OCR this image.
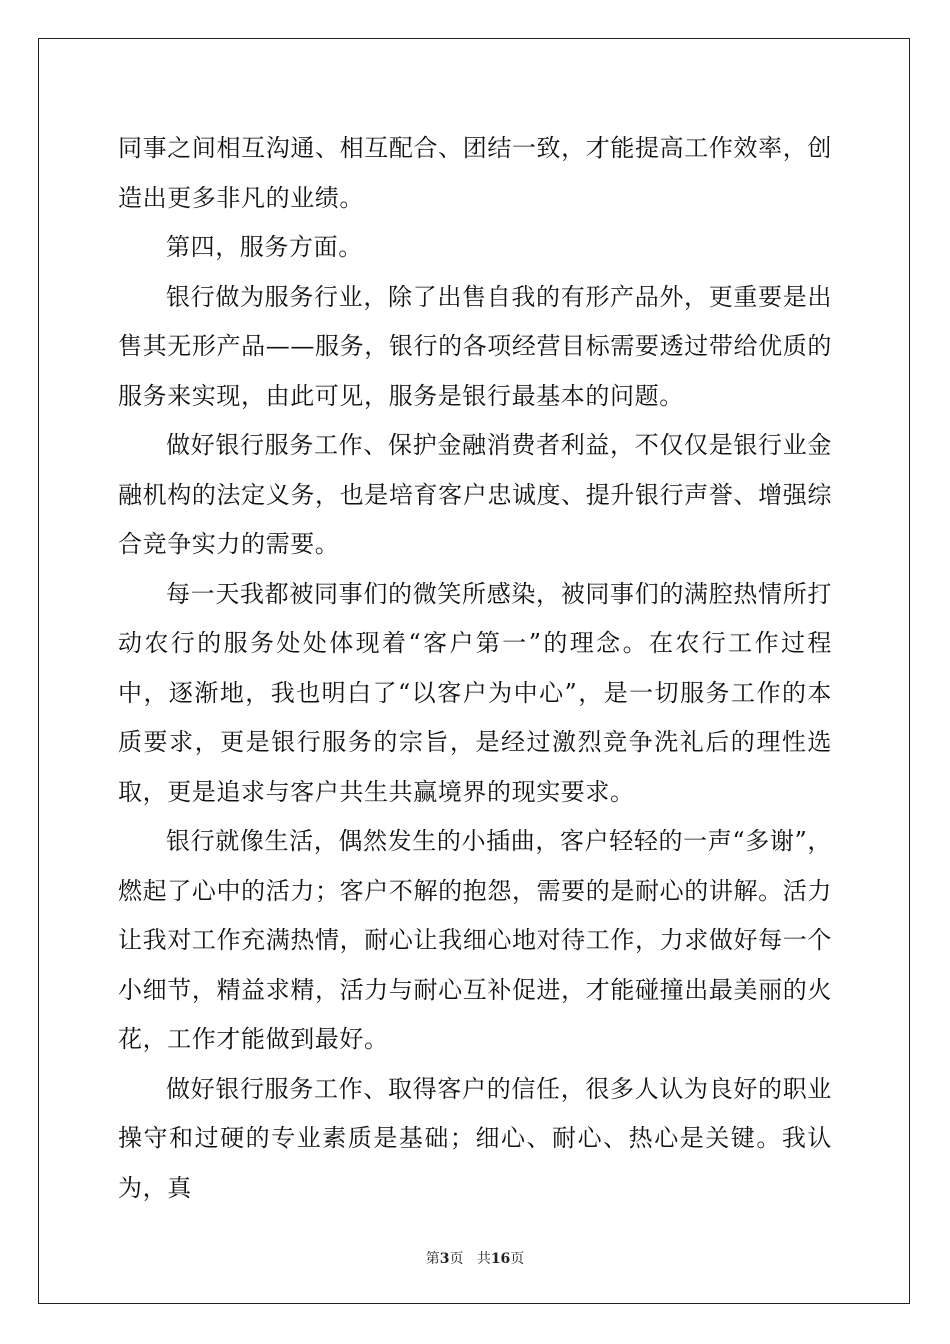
同事之间相互沟通、相互配合、团结一致，才能提高工作效率，创造出更多非凡的业绩。

第四，服务方面。

银行做为服务行业，除了出售自我的有形产品外，更重要是出售其无形产品——服务，银行的各项经营目标需要透过带给优质的服务来实现，由此可见，服务是银行最基本的问题。

做好银行服务工作、保护金融消费者利益，不仅仅是银行业金融机构的法定义务，也是培育客户忠诚度、提升银行声誉、增强综合竞争实力的需要。

每一天我都被同事们的微笑所感染，被同事们的满腔热情所打动农行的服务处处体现着“客户第一”的理念。在农行工作过程中，逐渐地，我也明白了“以客户为中心”，是一切服务工作的本质要求，更是银行服务的宗旨，是经过激烈竞争洗礼后的理性选取，更是追求与客户共生共赢境界的现实要求。

银行就像生活，偶然发生的小插曲，客户轻轻的一声“多谢”，燃起了心中的活力；客户不解的抱怨，需要的是耐心的讲解。活力让我对工作充满热情，耐心让我细心地对待工作，力求做好每一个小细节，精益求精，活力与耐心互补促进，才能碰撞出最美丽的火花，工作才能做到最好。

做好银行服务工作、取得客户的信任，很多人认为良好的职业操守和过硬的专业素质是基础；细心、耐心、热心是关键。我认为，真

第3页 共16页
